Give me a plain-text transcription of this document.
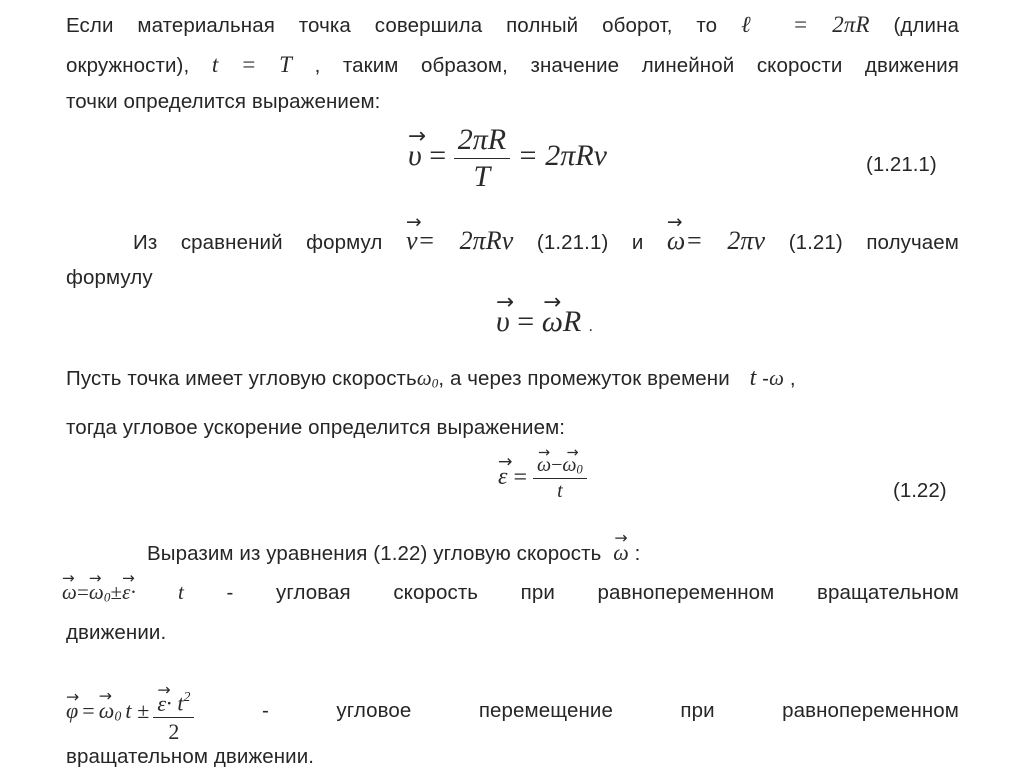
Если материальная точка совершила полный оборот, то ℓ = 2πR (длина
окружности), t = T , таким образом, значение линейной скорости движения
точки определится выражением:
→ $\upsilon = \frac{2\pi R}{T} = 2\pi R\nu$	(1.21.1)
Из сравнений формул → v= 2πRν (1.21.1) и → ω= 2πν (1.21) получаем
формулу
→ υ = → ωR .
Пусть точка имеет угловую скоростьω$_0$, а через промежуток времени t -ω ,
тогда угловое ускорение определится выражением:
→ ε = → $\frac{\omega-\to \omega_0}{t}$	(1.22)
Выразим из уравнения (1.22) угловую скорость → ω :
→ $\omega=\to \omega_0\pm\to \varepsilon\cdot t$ - угловая скорость при равнопеременном вращательном
движении.
→ φ = → $\omega_0$ t ± → $\frac{\varepsilon\cdot t^2}{2}$	- угловое перемещение при равнопеременном
вращательном движении.
